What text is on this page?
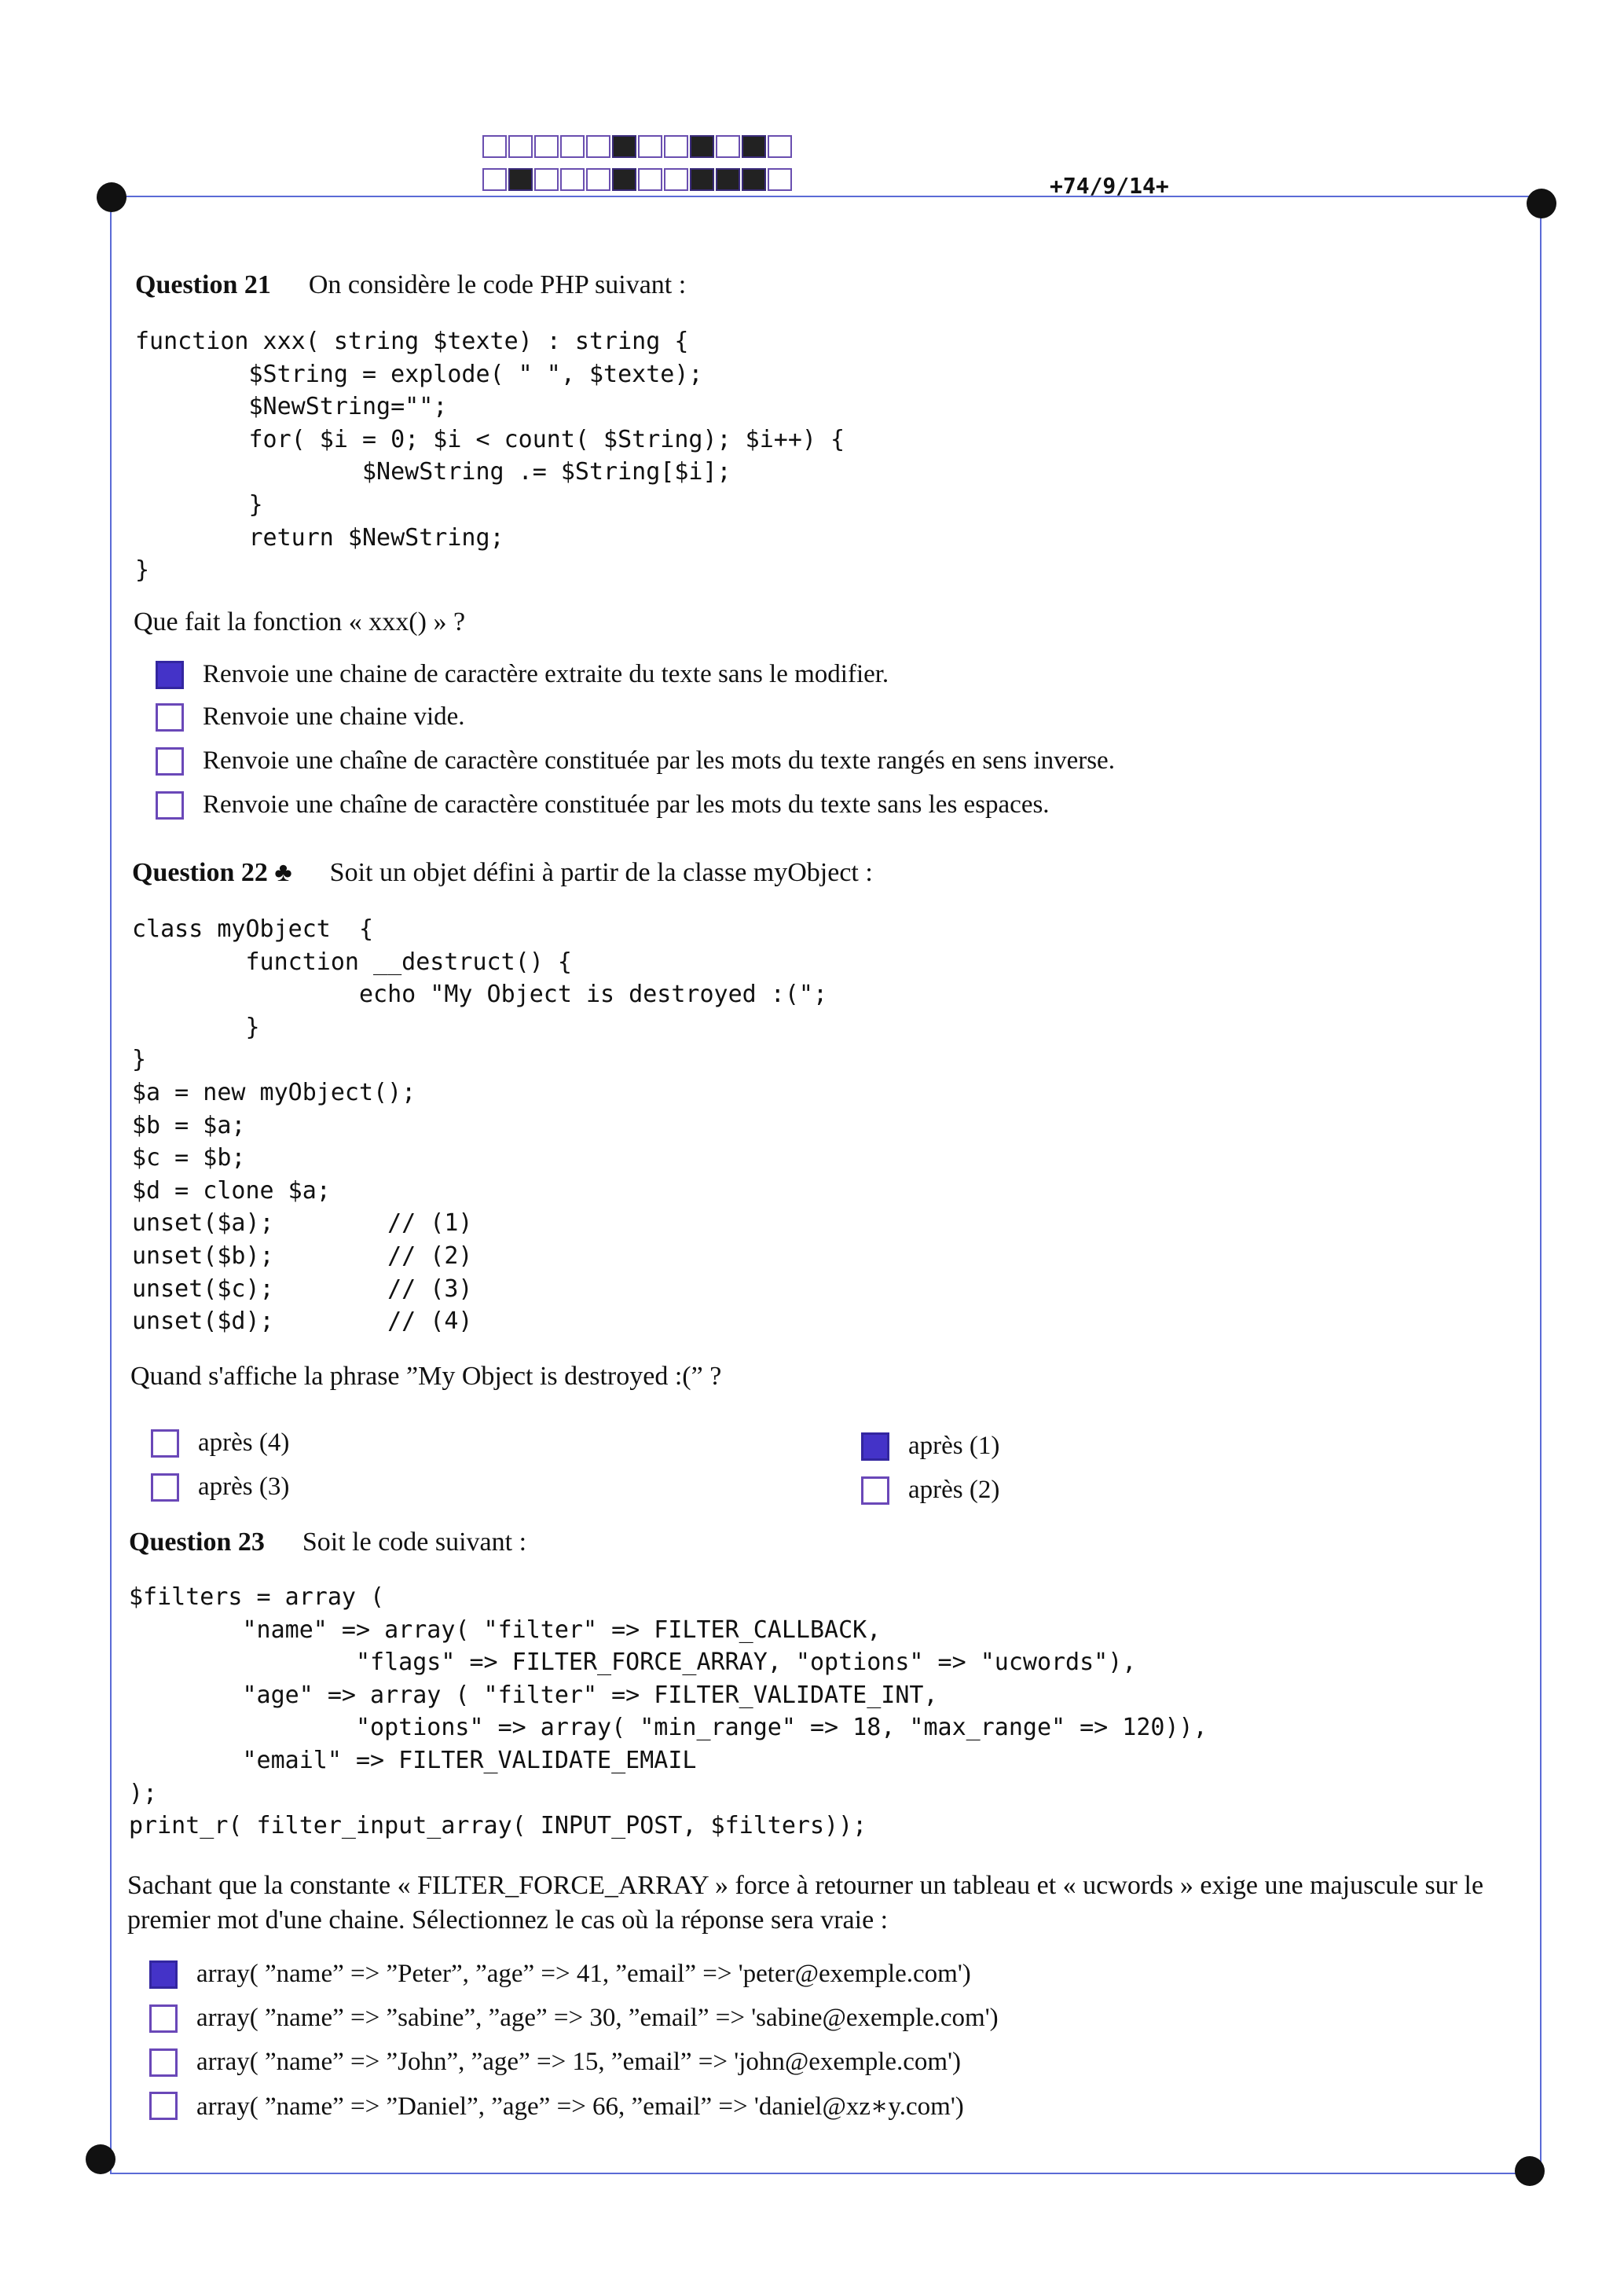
+74/9/14+
Question 21 On considère le code PHP suivant :
function xxx( string $texte) : string {
$String = explode( " ", $texte);
$NewString="";
for( $i = 0; $i < count( $String); $i++) {
$NewString .= $String[$i];
}
return $NewString;
}
Que fait la fonction « xxx() » ?
Renvoie une chaine de caractère extraite du texte sans le modifier.
Renvoie une chaine vide.
Renvoie une chaîne de caractère constituée par les mots du texte rangés en sens inverse.
Renvoie une chaîne de caractère constituée par les mots du texte sans les espaces.
Question 22 ♣ Soit un objet défini à partir de la classe myObject :
class myObject  {
function __destruct() {
echo "My Object is destroyed :(";
}
}
$a = new myObject();
$b = $a;
$c = $b;
$d = clone $a;
unset($a);        // (1)
unset($b);        // (2)
unset($c);        // (3)
unset($d);        // (4)
Quand s'affiche la phrase ”My Object is destroyed :(” ?
après (4)
après (3)
après (1)
après (2)
Question 23 Soit le code suivant :
$filters = array (
"name" => array( "filter" => FILTER_CALLBACK,
"flags" => FILTER_FORCE_ARRAY, "options" => "ucwords"),
"age" => array ( "filter" => FILTER_VALIDATE_INT,
"options" => array( "min_range" => 18, "max_range" => 120)),
"email" => FILTER_VALIDATE_EMAIL
);
print_r( filter_input_array( INPUT_POST, $filters));
Sachant que la constante « FILTER_FORCE_ARRAY » force à retourner un tableau et « ucwords » exige une majuscule sur le premier mot d'une chaine. Sélectionnez le cas où la réponse sera vraie :
array( ”name” => ”Peter”, ”age” => 41, ”email” => 'peter@exemple.com')
array( ”name” => ”sabine”, ”age” => 30, ”email” => 'sabine@exemple.com')
array( ”name” => ”John”, ”age” => 15, ”email” => 'john@exemple.com')
array( ”name” => ”Daniel”, ”age” => 66, ”email” => 'daniel@xz∗y.com')
